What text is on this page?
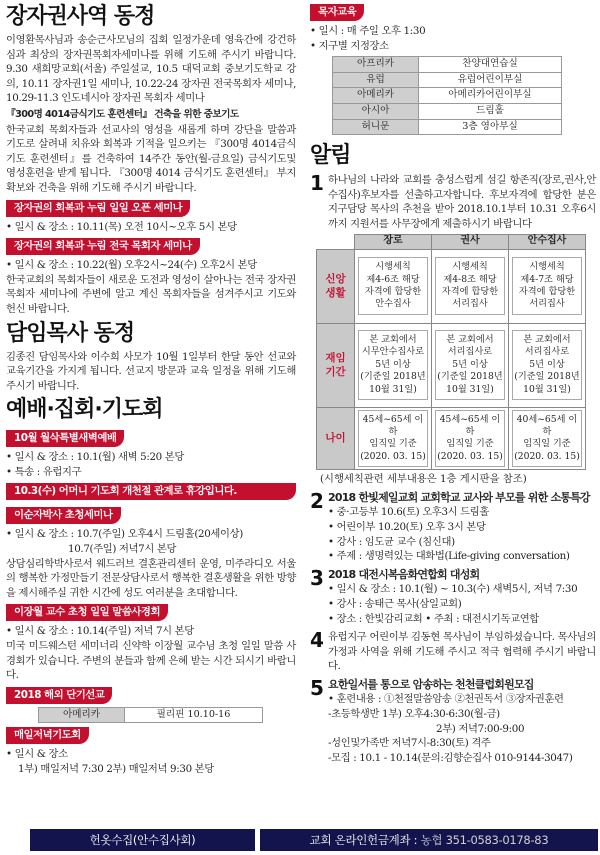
장자권사역 동정
이영환목사님과 송순근사모님의 집회 일정가운데 영육간에 강건하심과 최상의 장자권목회자세미나를 위해 기도해 주시기 바랍니다. 9.30 새희망교회(서울) 주일설교, 10.5 대덕교회 중보기도학교 강의, 10.11 장자권1일 세미나, 10.22-24 장자권 전국목회자 세미나, 10.29-11.3 인도네시아 장자권 목회자 세미나
『300명 4014금식기도 훈련센터』 건축을 위한 중보기도
한국교회 목회자들과 선교사의 영성을 새롭게 하며 강단을 말씀과 기도로 살려내 치유와 회복과 기적을 일으키는 『300명 4014금식기도 훈련센터』를 건축하여 14주간 동안(월-금요일) 금식기도및 영성훈련을 받게 됩니다. 『300명 4014 금식기도 훈련센터』 부지확보와 건축을 위해 기도해 주시기 바랍니다.
장자권의 회복과 누림 일일 오픈 세미나
• 일시 & 장소 : 10.11(목) 오전 10시~오후 5시 본당
장자권의 회복과 누림 전국 목회자 세미나
• 일시 & 장소 : 10.22(월) 오후2시~24(수) 오후2시 본당
한국교회의 목회자들이 새로운 도전과 영성이 살아나는 전국 장자권목회자 세미나에 주변에 알고 계신 목회자들을 섬겨주시고 기도와 헌신 바랍니다.
담임목사 동정
김종진 담임목사와 이수희 사모가 10월 1일부터 한달 동안 선교와 교육기간을 가지게 됩니다. 선교지 방문과 교육 일정을 위해 기도해 주시기 바랍니다.
예배·집회·기도회
10월 월삭특별새벽예배
• 일시 & 장소 : 10.1(월) 새벽 5:20 본당
• 특송 : 유럽지구
10.3(수) 어머니 기도회 개천절 관계로 휴강입니다.
이순자박사 초청세미나
• 일시 & 장소 : 10.7(주일) 오후4시 드림홀(20세이상)
10.7(주일) 저녁7시 본당
상담심리학박사로서 웨드러브 결혼관리센터 운영, 미주라디오 서울의 행복한 가정만들기 전문상담사로서 행복한 결혼생활을 위한 방향을 제시해주실 귀한 시간에 성도 여러분을 초대합니다.
이장월 교수 초청 일일 말씀사경회
• 일시 & 장소 : 10.14(주일) 저녁 7시 본당
미국 미드웨스턴 세미너리 신약학 이장월 교수님 초청 일일 말씀 사경회가 있습니다. 주변의 분들과 함께 은혜 받는 시간 되시기 바랍니다.
2018 해외 단기선교
아메리카	필리핀 10.10-16
매일저녁기도회
• 일시 & 장소
1부) 매일저녁 7:30 2부) 매일저녁 9:30 본당
목자교육
• 일시 : 매 주일 오후 1:30
• 지구별 지정장소
아프리카	찬양대연습실
유럽	유럽어린이부실
아메리카	아메리카어린이부실
아시아	드림홀
허니문	3층 영아부실
알림
1 하나님의 나라와 교회를 충성스럽게 섬길 항존직(장로,권사,안수집사)후보자를 선출하고자합니다. 후보자격에 합당한 분은 지구담당 목사의 추천을 받아 2018.10.1부터 10.31 오후6시까지 지원서를 사무장에게 제출하시기 바랍니다
	장로	권사	안수집사
신앙
생활	시행세칙
제4-6조 해당
자격에 합당한
안수집사	시행세칙
제4-8조 해당
자격에 합당한
서리집사	시행세칙
제4-7조 해당
자격에 합당한
서리집사

재임
기간	본 교회에서
시무안수집사로
5년 이상
(기준일 2018년
10월 31일)	본 교회에서
서리집사로
5년 이상
(기준일 2018년
10월 31일)	본 교회에서
서리집사로
5년 이상
(기준일 2018년
10월 31일)

나이	45세~65세 이하
임직일 기준
(2020. 03. 15)	45세~65세 이하
임직일 기준
(2020. 03. 15)	40세~65세 이하
임직일 기준
(2020. 03. 15)
(시행세칙관련 세부내용은 1층 게시판을 참조)
2 2018 한빛제일교회 교회학교 교사와 부모를 위한 소통특강
• 중·고등부 10.6(토) 오후3시 드림홀
• 어린이부 10.20(토) 오후 3시 본당
• 강사 : 임도균 교수 (침신대)
• 주제 : 생명력있는 대화법(Life-giving conversation)
3 2018 대전시복음화연합회 대성회
• 일시 & 장소 : 10.1(월) ~ 10.3(수) 새벽5시, 저녁 7:30
• 강사 : 송태근 목사(삼일교회)
• 장소 : 한빛감리교회 • 주최 : 대전시기독교연합
4 유럽지구 어린이부 김동현 목사님이 부임하셨습니다. 목사님의 가정과 사역을 위해 기도해 주시고 적극 협력해 주시기 바랍니다.
5 요한일서를 통으로 암송하는 천천클럽회원모집
• 훈련내용 : ①천절말씀암송 ②천권독서 ③장자권훈련
-초등학생반 1부) 오후4:30-6:30(월-금)
2부) 저녁7:00-9:00
-성인및가족반 저녁7시-8:30(토) 격주
-모집 : 10.1 - 10.14(문의:김향순집사 010-9144-3047)
헌옷수집(안수집사회)	교회 온라인헌금계좌 : 농협 351-0583-0178-83
